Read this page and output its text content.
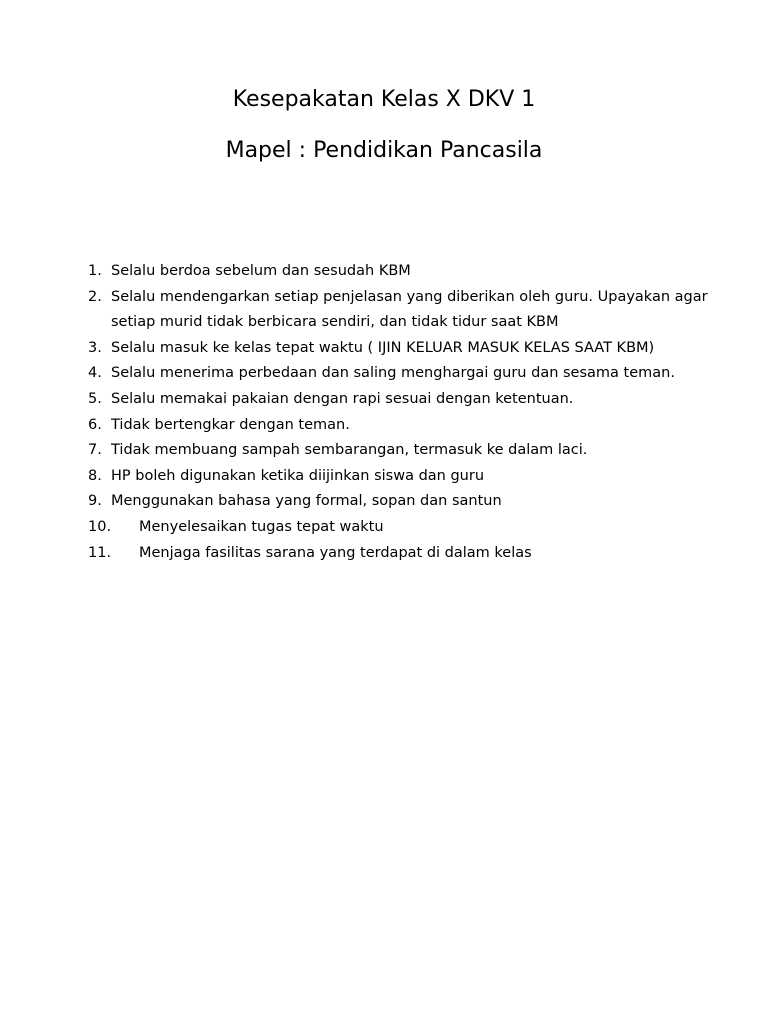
Kesepakatan Kelas X DKV 1
Mapel : Pendidikan Pancasila
1. Selalu berdoa sebelum dan sesudah KBM
2. Selalu mendengarkan setiap penjelasan yang diberikan oleh guru. Upayakan agar setiap murid tidak berbicara sendiri, dan tidak tidur saat KBM
3. Selalu masuk ke kelas tepat waktu ( IJIN KELUAR MASUK KELAS SAAT KBM)
4. Selalu menerima perbedaan dan saling menghargai guru dan sesama teman.
5. Selalu memakai pakaian dengan rapi sesuai dengan ketentuan.
6. Tidak bertengkar dengan teman.
7. Tidak membuang sampah sembarangan, termasuk ke dalam laci.
8. HP boleh digunakan ketika diijinkan siswa dan guru
9. Menggunakan bahasa yang formal, sopan dan santun
10. Menyelesaikan tugas tepat waktu
11. Menjaga fasilitas sarana yang terdapat di dalam kelas
